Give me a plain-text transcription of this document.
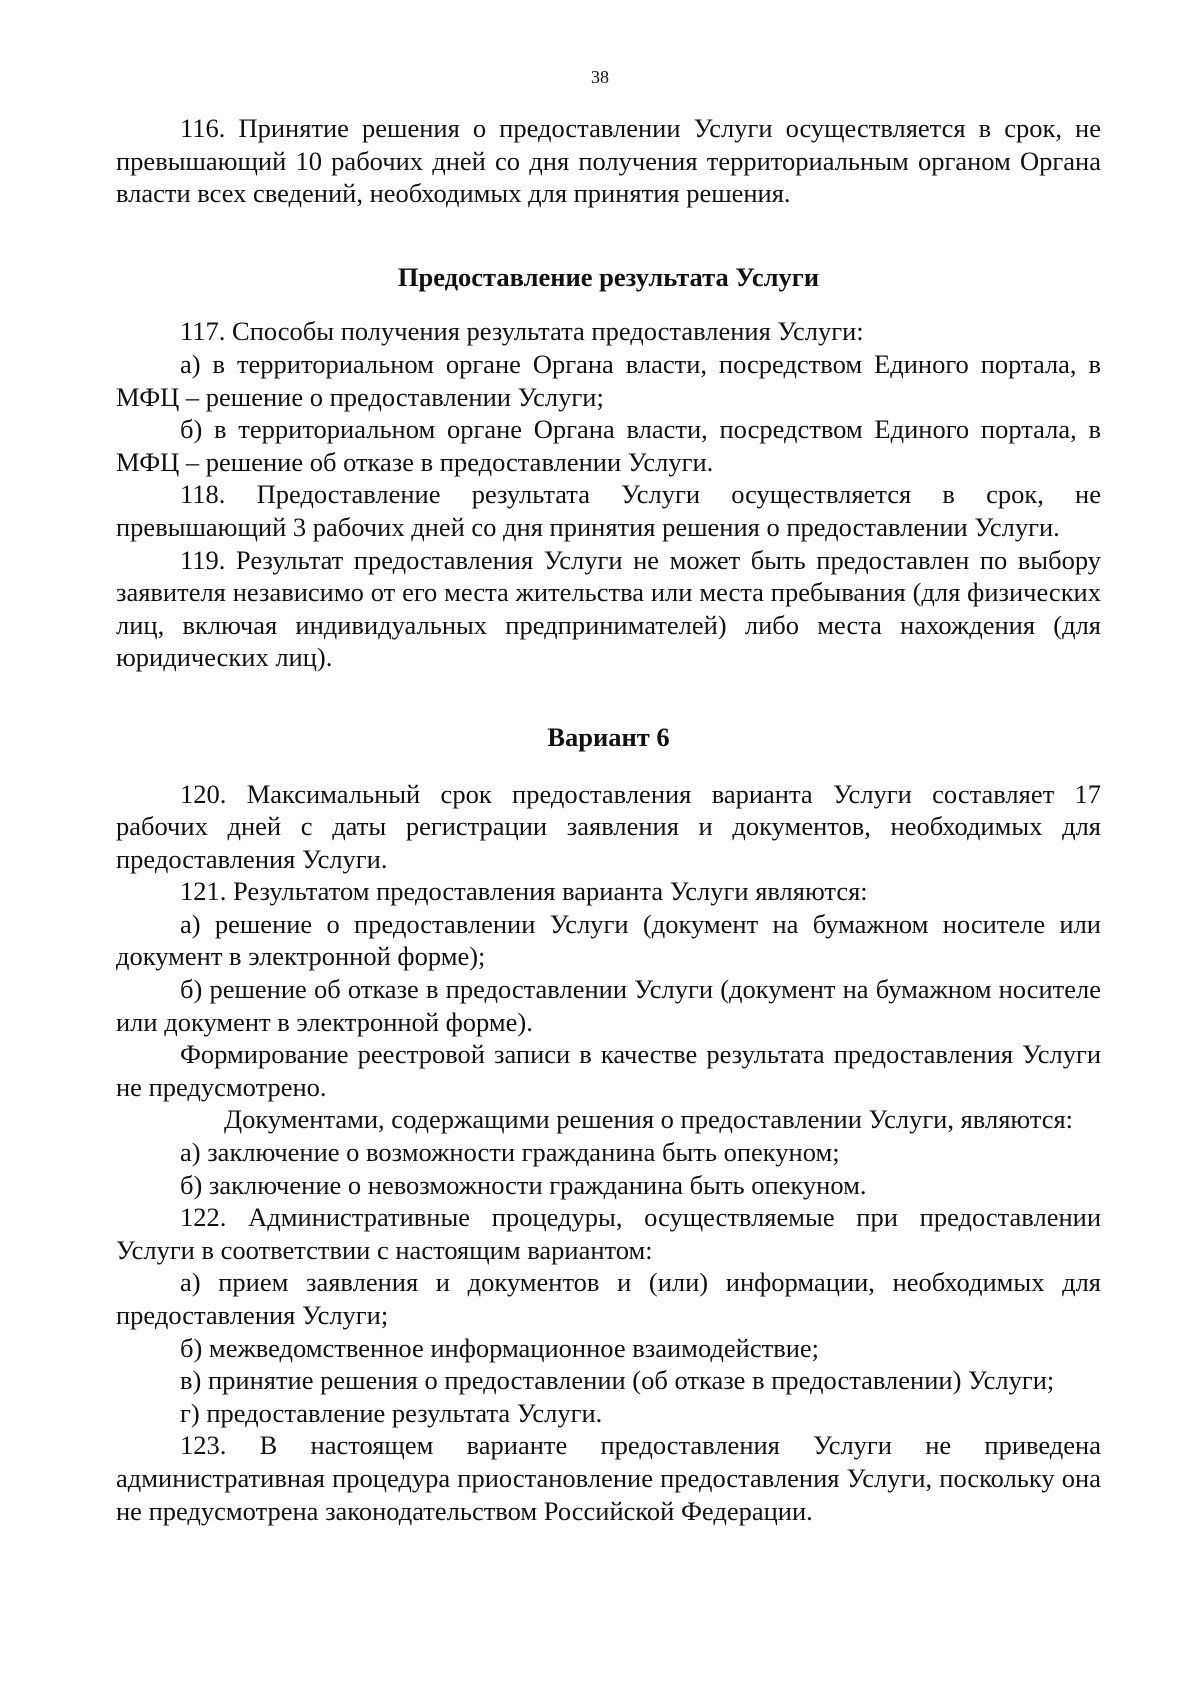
38

116. Принятие решения о предоставлении Услуги осуществляется в срок, не превышающий 10 рабочих дней со дня получения территориальным органом Органа власти всех сведений, необходимых для принятия решения.

Предоставление результата Услуги

117. Способы получения результата предоставления Услуги:

а) в территориальном органе Органа власти, посредством Единого портала, в МФЦ – решение о предоставлении Услуги;

б) в территориальном органе Органа власти, посредством Единого портала, в МФЦ – решение об отказе в предоставлении Услуги.

118. Предоставление результата Услуги осуществляется в срок, не превышающий 3 рабочих дней со дня принятия решения о предоставлении Услуги.

119. Результат предоставления Услуги не может быть предоставлен по выбору заявителя независимо от его места жительства или места пребывания (для физических лиц, включая индивидуальных предпринимателей) либо места нахождения (для юридических лиц).

Вариант 6

120. Максимальный срок предоставления варианта Услуги составляет 17 рабочих дней с даты регистрации заявления и документов, необходимых для предоставления Услуги.

121. Результатом предоставления варианта Услуги являются:

а) решение о предоставлении Услуги (документ на бумажном носителе или документ в электронной форме);

б) решение об отказе в предоставлении Услуги (документ на бумажном носителе или документ в электронной форме).

Формирование реестровой записи в качестве результата предоставления Услуги не предусмотрено.

Документами, содержащими решения о предоставлении Услуги, являются:

а) заключение о возможности гражданина быть опекуном;

б) заключение о невозможности гражданина быть опекуном.

122. Административные процедуры, осуществляемые при предоставлении Услуги в соответствии с настоящим вариантом:

а) прием заявления и документов и (или) информации, необходимых для предоставления Услуги;

б) межведомственное информационное взаимодействие;

в) принятие решения о предоставлении (об отказе в предоставлении) Услуги;

г) предоставление результата Услуги.

123. В настоящем варианте предоставления Услуги не приведена административная процедура приостановление предоставления Услуги, поскольку она не предусмотрена законодательством Российской Федерации.
